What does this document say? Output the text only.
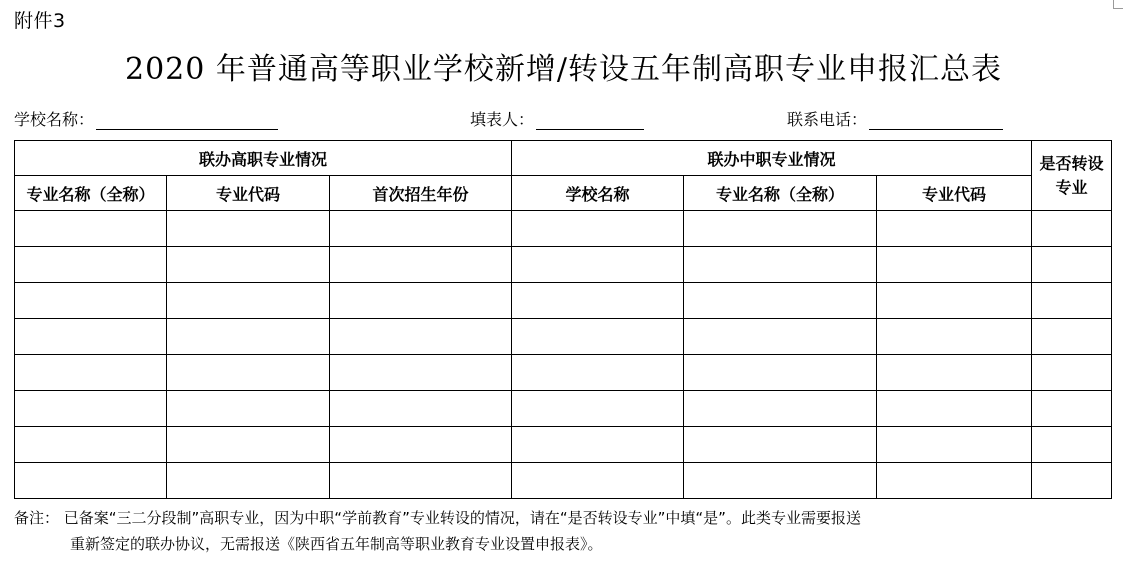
附件3
2020 年普通高等职业学校新增/转设五年制高职专业申报汇总表
学校名称：	填表人：	联系电话：
联办高职专业情况			联办中职专业情况			是否转设专业
专业名称（全称）	专业代码	首次招生年份	学校名称	专业名称（全称）	专业代码	

备注： 已备案“三二分段制”高职专业，因为中职“学前教育”专业转设的情况，请在“是否转设专业”中填“是”。此类专业需要报送
重新签定的联办协议，无需报送《陕西省五年制高等职业教育专业设置申报表》。
